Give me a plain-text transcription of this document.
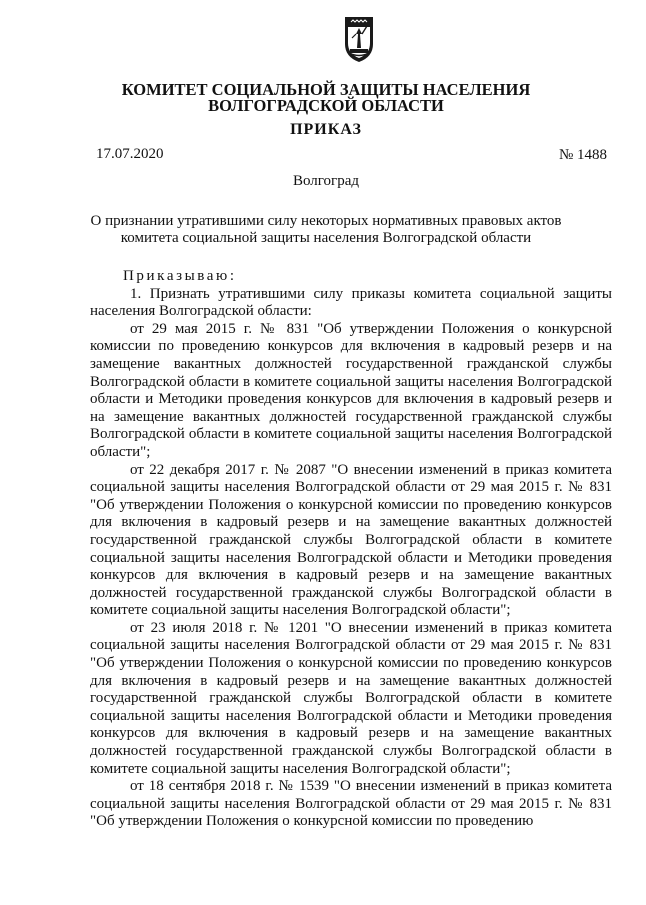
КОМИТЕТ СОЦИАЛЬНОЙ ЗАЩИТЫ НАСЕЛЕНИЯ
ВОЛГОГРАДСКОЙ ОБЛАСТИ
ПРИКАЗ
17.07.2020	№ 1488
Волгоград
О признании утратившими силу некоторых нормативных правовых актов
комитета социальной защиты населения Волгоградской области

Приказываю:

1. Признать утратившими силу приказы комитета социальной защиты населения Волгоградской области:

от 29 мая 2015 г. № 831 "Об утверждении Положения о конкурсной комиссии по проведению конкурсов для включения в кадровый резерв и на замещение вакантных должностей государственной гражданской службы Волгоградской области в комитете социальной защиты населения Волгоградской области и Методики проведения конкурсов для включения в кадровый резерв и на замещение вакантных должностей государственной гражданской службы Волгоградской области в комитете социальной защиты населения Волгоградской области";

от 22 декабря 2017 г. № 2087 "О внесении изменений в приказ комитета социальной защиты населения Волгоградской области от 29 мая 2015 г. № 831 "Об утверждении Положения о конкурсной комиссии по проведению конкурсов для включения в кадровый резерв и на замещение вакантных должностей государственной гражданской службы Волгоградской области в комитете социальной защиты населения Волгоградской области и Методики проведения конкурсов для включения в кадровый резерв и на замещение вакантных должностей государственной гражданской службы Волгоградской области в комитете социальной защиты населения Волгоградской области";

от 23 июля 2018 г. № 1201 "О внесении изменений в приказ комитета социальной защиты населения Волгоградской области от 29 мая 2015 г. № 831 "Об утверждении Положения о конкурсной комиссии по проведению конкурсов для включения в кадровый резерв и на замещение вакантных должностей государственной гражданской службы Волгоградской области в комитете социальной защиты населения Волгоградской области и Методики проведения конкурсов для включения в кадровый резерв и на замещение вакантных должностей государственной гражданской службы Волгоградской области в комитете социальной защиты населения Волгоградской области";

от 18 сентября 2018 г. № 1539 "О внесении изменений в приказ комитета социальной защиты населения Волгоградской области от 29 мая 2015 г. № 831 "Об утверждении Положения о конкурсной комиссии по проведению
